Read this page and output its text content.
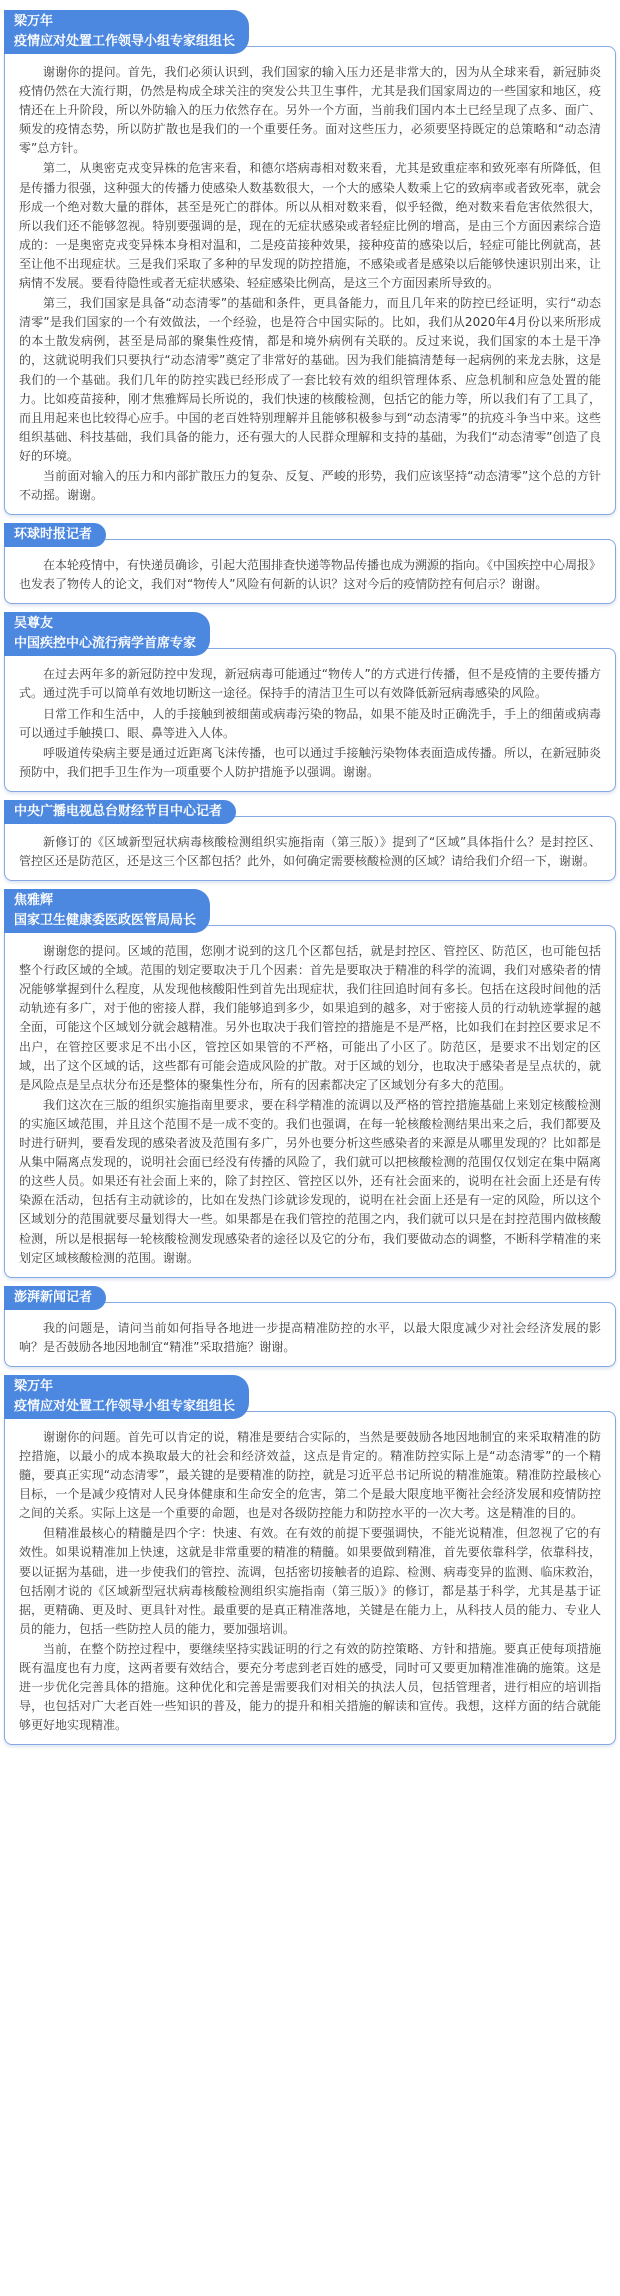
梁万年
疫情应对处置工作领导小组专家组组长

谢谢你的提问。首先，我们必须认识到，我们国家的输入压力还是非常大的，因为从全球来看，新冠肺炎疫情仍然在大流行期，仍然是构成全球关注的突发公共卫生事件，尤其是我们国家周边的一些国家和地区，疫情还在上升阶段，所以外防输入的压力依然存在。另外一个方面，当前我们国内本土已经呈现了点多、面广、频发的疫情态势，所以防扩散也是我们的一个重要任务。面对这些压力，必须要坚持既定的总策略和“动态清零”总方针。

第二，从奥密克戎变异株的危害来看，和德尔塔病毒相对数来看，尤其是致重症率和致死率有所降低，但是传播力很强，这种强大的传播力使感染人数基数很大，一个大的感染人数乘上它的致病率或者致死率，就会形成一个绝对数大量的群体，甚至是死亡的群体。所以从相对数来看，似乎轻微，绝对数来看危害依然很大，所以我们还不能够忽视。特别要强调的是，现在的无症状感染或者轻症比例的增高，是由三个方面因素综合造成的：一是奥密克戎变异株本身相对温和，二是疫苗接种效果，接种疫苗的感染以后，轻症可能比例就高，甚至让他不出现症状。三是我们采取了多种的早发现的防控措施，不感染或者是感染以后能够快速识别出来，让病情不发展。要看待隐性或者无症状感染、轻症感染比例高，是这三个方面因素所导致的。

第三，我们国家是具备“动态清零”的基础和条件，更具备能力，而且几年来的防控已经证明，实行“动态清零”是我们国家的一个有效做法，一个经验，也是符合中国实际的。比如，我们从2020年4月份以来所形成的本土散发病例，甚至是局部的聚集性疫情，都是和境外病例有关联的。反过来说，我们国家的本土是干净的，这就说明我们只要执行“动态清零”奠定了非常好的基础。因为我们能搞清楚每一起病例的来龙去脉，这是我们的一个基础。我们几年的防控实践已经形成了一套比较有效的组织管理体系、应急机制和应急处置的能力。比如疫苗接种，刚才焦雅辉局长所说的，我们快速的核酸检测，包括它的能力等，所以我们有了工具了，而且用起来也比较得心应手。中国的老百姓特别理解并且能够积极参与到“动态清零”的抗疫斗争当中来。这些组织基础、科技基础，我们具备的能力，还有强大的人民群众理解和支持的基础，为我们“动态清零”创造了良好的环境。

当前面对输入的压力和内部扩散压力的复杂、反复、严峻的形势，我们应该坚持“动态清零”这个总的方针不动摇。谢谢。

环球时报记者

在本轮疫情中，有快递员确诊，引起大范围排查快递等物品传播也成为溯源的指向。《中国疾控中心周报》也发表了物传人的论文，我们对“物传人”风险有何新的认识？这对今后的疫情防控有何启示？谢谢。

吴尊友
中国疾控中心流行病学首席专家

在过去两年多的新冠防控中发现，新冠病毒可能通过“物传人”的方式进行传播，但不是疫情的主要传播方式。通过洗手可以简单有效地切断这一途径。保持手的清洁卫生可以有效降低新冠病毒感染的风险。

日常工作和生活中，人的手接触到被细菌或病毒污染的物品，如果不能及时正确洗手，手上的细菌或病毒可以通过手触摸口、眼、鼻等进入人体。

呼吸道传染病主要是通过近距离飞沫传播，也可以通过手接触污染物体表面造成传播。所以，在新冠肺炎预防中，我们把手卫生作为一项重要个人防护措施予以强调。谢谢。

中央广播电视总台财经节目中心记者

新修订的《区域新型冠状病毒核酸检测组织实施指南（第三版）》提到了“区域”具体指什么？是封控区、管控区还是防范区，还是这三个区都包括？此外，如何确定需要核酸检测的区域？请给我们介绍一下，谢谢。

焦雅辉
国家卫生健康委医政医管局局长

谢谢您的提问。区域的范围，您刚才说到的这几个区都包括，就是封控区、管控区、防范区，也可能包括整个行政区域的全域。范围的划定要取决于几个因素：首先是要取决于精准的科学的流调，我们对感染者的情况能够掌握到什么程度，从发现他核酸阳性到首先出现症状，我们往回追时间有多长。包括在这段时间他的活动轨迹有多广，对于他的密接人群，我们能够追到多少，如果追到的越多，对于密接人员的行动轨迹掌握的越全面，可能这个区域划分就会越精准。另外也取决于我们管控的措施是不是严格，比如我们在封控区要求足不出户，在管控区要求足不出小区，管控区如果管的不严格，可能出了小区了。防范区，是要求不出划定的区域，出了这个区域的话，这些都有可能会造成风险的扩散。对于区域的划分，也取决于感染者是呈点状的，就是风险点是呈点状分布还是整体的聚集性分布，所有的因素都决定了区域划分有多大的范围。

我们这次在三版的组织实施指南里要求，要在科学精准的流调以及严格的管控措施基础上来划定核酸检测的实施区域范围，并且这个范围不是一成不变的。我们也强调，在每一轮核酸检测结果出来之后，我们都要及时进行研判，要看发现的感染者波及范围有多广，另外也要分析这些感染者的来源是从哪里发现的？比如都是从集中隔离点发现的，说明社会面已经没有传播的风险了，我们就可以把核酸检测的范围仅仅划定在集中隔离的这些人员。如果还有社会面上来的，除了封控区、管控区以外，还有社会面来的，说明在社会面上还是有传染源在活动，包括有主动就诊的，比如在发热门诊就诊发现的，说明在社会面上还是有一定的风险，所以这个区域划分的范围就要尽量划得大一些。如果都是在我们管控的范围之内，我们就可以只是在封控范围内做核酸检测，所以是根据每一轮核酸检测发现感染者的途径以及它的分布，我们要做动态的调整，不断科学精准的来划定区域核酸检测的范围。谢谢。

澎湃新闻记者

我的问题是，请问当前如何指导各地进一步提高精准防控的水平，以最大限度减少对社会经济发展的影响？是否鼓励各地因地制宜“精准”采取措施？谢谢。

梁万年
疫情应对处置工作领导小组专家组组长

谢谢你的问题。首先可以肯定的说，精准是要结合实际的，当然是要鼓励各地因地制宜的来采取精准的防控措施，以最小的成本换取最大的社会和经济效益，这点是肯定的。精准防控实际上是“动态清零”的一个精髓，要真正实现“动态清零”，最关键的是要精准的防控，就是习近平总书记所说的精准施策。精准防控最核心目标，一个是减少疫情对人民身体健康和生命安全的危害，第二个是最大限度地平衡社会经济发展和疫情防控之间的关系。实际上这是一个重要的命题，也是对各级防控能力和防控水平的一次大考。这是精准的目的。

但精准最核心的精髓是四个字：快速、有效。在有效的前提下要强调快，不能光说精准，但忽视了它的有效性。如果说精准加上快速，这就是非常重要的精准的精髓。如果要做到精准，首先要依靠科学，依靠科技，要以证据为基础，进一步使我们的管控、流调，包括密切接触者的追踪、检测、病毒变异的监测、临床救治，包括刚才说的《区域新型冠状病毒核酸检测组织实施指南（第三版）》的修订，都是基于科学，尤其是基于证据，更精确、更及时、更具针对性。最重要的是真正精准落地，关键是在能力上，从科技人员的能力、专业人员的能力，包括一些防控人员的能力，要加强培训。

当前，在整个防控过程中，要继续坚持实践证明的行之有效的防控策略、方针和措施。要真正使每项措施既有温度也有力度，这两者要有效结合，要充分考虑到老百姓的感受，同时可又要更加精准准确的施策。这是进一步优化完善具体的措施。这种优化和完善是需要我们对相关的执法人员，包括管理者，进行相应的培训指导，也包括对广大老百姓一些知识的普及，能力的提升和相关措施的解读和宣传。我想，这样方面的结合就能够更好地实现精准。
